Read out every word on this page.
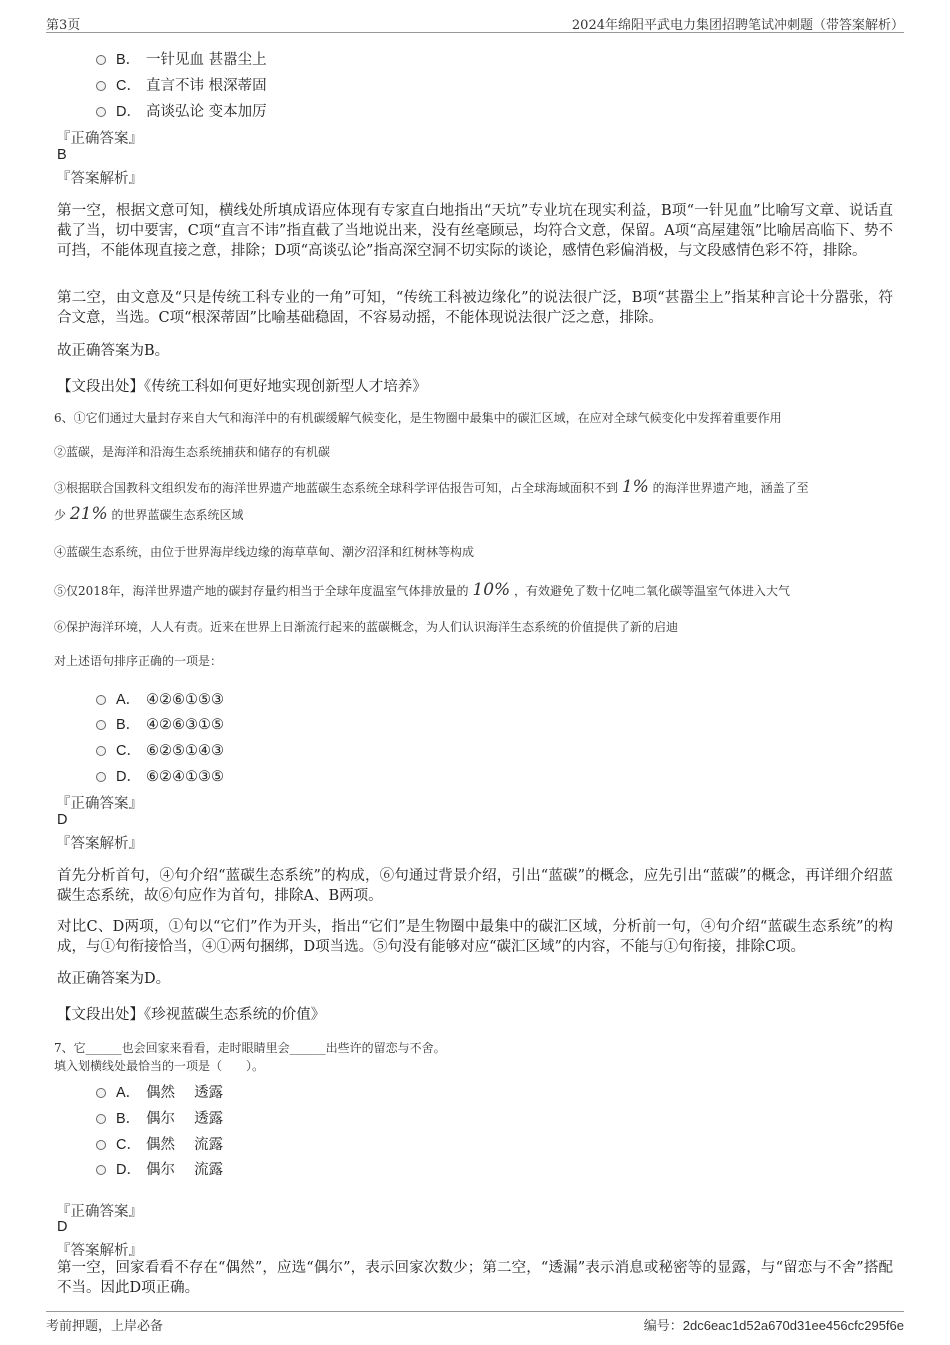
第3页	2024年绵阳平武电力集团招聘笔试冲刺题（带答案解析）
B． 一针见血 甚嚣尘上
C． 直言不讳 根深蒂固
D． 高谈弘论 变本加厉
『正确答案』
B
『答案解析』
第一空，根据文意可知，横线处所填成语应体现有专家直白地指出“天坑”专业坑在现实利益，B项“一针见血”比喻写文章、说话直截了当，切中要害，C项“直言不讳”指直截了当地说出来，没有丝毫顾忌，均符合文意，保留。A项“高屋建瓴”比喻居高临下、势不可挡，不能体现直接之意，排除；D项“高谈弘论”指高深空洞不切实际的谈论，感情色彩偏消极，与文段感情色彩不符，排除。
第二空，由文意及“只是传统工科专业的一角”可知，“传统工科被边缘化”的说法很广泛，B项“甚嚣尘上”指某种言论十分嚣张，符合文意，当选。C项“根深蒂固”比喻基础稳固，不容易动摇，不能体现说法很广泛之意，排除。
故正确答案为B。
【文段出处】《传统工科如何更好地实现创新型人才培养》
6、①它们通过大量封存来自大气和海洋中的有机碳缓解气候变化，是生物圈中最集中的碳汇区域，在应对全球气候变化中发挥着重要作用
②蓝碳，是海洋和沿海生态系统捕获和储存的有机碳
③根据联合国教科文组织发布的海洋世界遗产地蓝碳生态系统全球科学评估报告可知，占全球海域面积不到 1% 的海洋世界遗产地，涵盖了至
少 21% 的世界蓝碳生态系统区域
④蓝碳生态系统，由位于世界海岸线边缘的海草草甸、潮汐沼泽和红树林等构成
⑤仅2018年，海洋世界遗产地的碳封存量约相当于全球年度温室气体排放量的 10% ，有效避免了数十亿吨二氧化碳等温室气体进入大气
⑥保护海洋环境，人人有责。近来在世界上日渐流行起来的蓝碳概念，为人们认识海洋生态系统的价值提供了新的启迪
对上述语句排序正确的一项是：
A． ④②⑥①⑤③
B． ④②⑥③①⑤
C． ⑥②⑤①④③
D． ⑥②④①③⑤
『正确答案』
D
『答案解析』
首先分析首句，④句介绍“蓝碳生态系统”的构成，⑥句通过背景介绍，引出“蓝碳”的概念，应先引出“蓝碳”的概念，再详细介绍蓝碳生态系统，故⑥句应作为首句，排除A、B两项。
对比C、D两项，①句以“它们”作为开头，指出“它们”是生物圈中最集中的碳汇区域，分析前一句，④句介绍“蓝碳生态系统”的构成，与①句衔接恰当，④①两句捆绑，D项当选。⑤句没有能够对应“碳汇区域”的内容，不能与①句衔接，排除C项。
故正确答案为D。
【文段出处】《珍视蓝碳生态系统的价值》
7、它______也会回家来看看，走时眼睛里会______出些许的留恋与不舍。
填入划横线处最恰当的一项是（　　）。
A． 偶然　 透露
B． 偶尔　 透露
C． 偶然　 流露
D． 偶尔　 流露
『正确答案』
D
『答案解析』
第一空，回家看看不存在“偶然”，应选“偶尔”，表示回家次数少；第二空，“透漏”表示消息或秘密等的显露，与“留恋与不舍”搭配不当。因此D项正确。
考前押题，上岸必备	编号：2dc6eac1d52a670d31ee456cfc295f6e
